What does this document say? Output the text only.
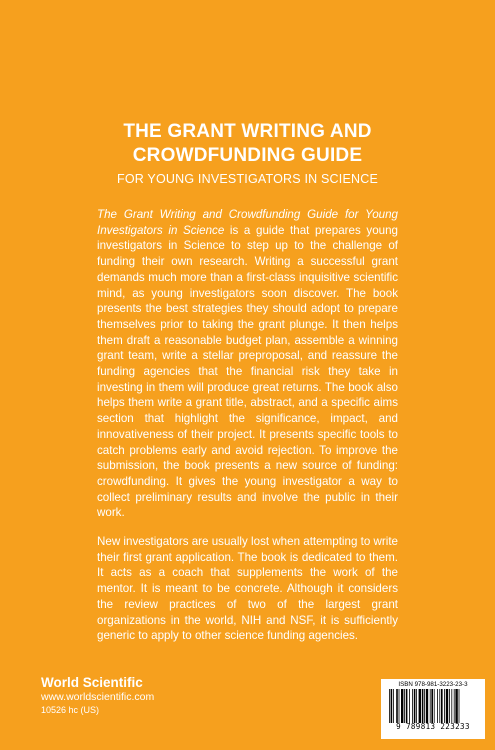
THE GRANT WRITING AND
CROWDFUNDING GUIDE
FOR YOUNG INVESTIGATORS IN SCIENCE

The Grant Writing and Crowdfunding Guide for Young Investigators in Science is a guide that prepares young investigators in Science to step up to the challenge of funding their own research. Writing a successful grant demands much more than a first-class inquisitive scientific mind, as young investigators soon discover. The book presents the best strategies they should adopt to prepare themselves prior to taking the grant plunge. It then helps them draft a reasonable budget plan, assemble a winning grant team, write a stellar preproposal, and reassure the funding agencies that the financial risk they take in investing in them will produce great returns. The book also helps them write a grant title, abstract, and a specific aims section that highlight the significance, impact, and innovativeness of their project. It presents specific tools to catch problems early and avoid rejection. To improve the submission, the book presents a new source of funding: crowdfunding. It gives the young investigator a way to collect preliminary results and involve the public in their work.

New investigators are usually lost when attempting to write their first grant application. The book is dedicated to them. It acts as a coach that supplements the work of the mentor. It is meant to be concrete. Although it considers the review practices of two of the largest grant organizations in the world, NIH and NSF, it is sufficiently generic to apply to other science funding agencies.

World Scientific
www.worldscientific.com
10526 hc (US)
ISBN 978-981-3223-23-3
9 789813 223233
